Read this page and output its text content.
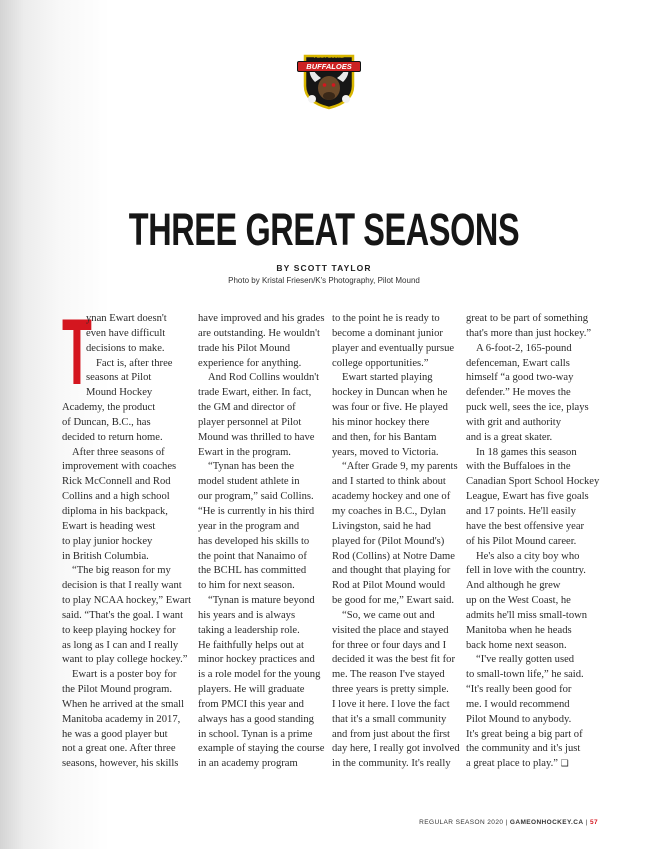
PILOT MOUND
BUFFALOES
THREE GREAT SEASONS
BY SCOTT TAYLOR
Photo by Kristal Friesen/K's Photography, Pilot Mound
T

ynan Ewart doesn't

even have difficult

decisions to make.

Fact is, after three

seasons at Pilot

Mound Hockey

Academy, the product

of Duncan, B.C., has

decided to return home.

After three seasons of

improvement with coaches

Rick McConnell and Rod

Collins and a high school

diploma in his backpack,

Ewart is heading west

to play junior hockey

in British Columbia.

“The big reason for my

decision is that I really want

to play NCAA hockey,” Ewart

said. “That's the goal. I want

to keep playing hockey for

as long as I can and I really

want to play college hockey.”

Ewart is a poster boy for

the Pilot Mound program.

When he arrived at the small

Manitoba academy in 2017,

he was a good player but

not a great one. After three

seasons, however, his skills

have improved and his grades

are outstanding. He wouldn't

trade his Pilot Mound

experience for anything.

And Rod Collins wouldn't

trade Ewart, either. In fact,

the GM and director of

player personnel at Pilot

Mound was thrilled to have

Ewart in the program.

“Tynan has been the

model student athlete in

our program,” said Collins.

“He is currently in his third

year in the program and

has developed his skills to

the point that Nanaimo of

the BCHL has committed

to him for next season.

“Tynan is mature beyond

his years and is always

taking a leadership role.

He faithfully helps out at

minor hockey practices and

is a role model for the young

players. He will graduate

from PMCI this year and

always has a good standing

in school. Tynan is a prime

example of staying the course

in an academy program

to the point he is ready to

become a dominant junior

player and eventually pursue

college opportunities.”

Ewart started playing

hockey in Duncan when he

was four or five. He played

his minor hockey there

and then, for his Bantam

years, moved to Victoria.

“After Grade 9, my parents

and I started to think about

academy hockey and one of

my coaches in B.C., Dylan

Livingston, said he had

played for (Pilot Mound's)

Rod (Collins) at Notre Dame

and thought that playing for

Rod at Pilot Mound would

be good for me,” Ewart said.

“So, we came out and

visited the place and stayed

for three or four days and I

decided it was the best fit for

me. The reason I've stayed

three years is pretty simple.

I love it here. I love the fact

that it's a small community

and from just about the first

day here, I really got involved

in the community. It's really

great to be part of something

that's more than just hockey.”

A 6-foot-2, 165-pound

defenceman, Ewart calls

himself “a good two-way

defender.” He moves the

puck well, sees the ice, plays

with grit and authority

and is a great skater.

In 18 games this season

with the Buffaloes in the

Canadian Sport School Hockey

League, Ewart has five goals

and 17 points. He'll easily

have the best offensive year

of his Pilot Mound career.

He's also a city boy who

fell in love with the country.

And although he grew

up on the West Coast, he

admits he'll miss small-town

Manitoba when he heads

back home next season.

“I've really gotten used

to small-town life,” he said.

“It's really been good for

me. I would recommend

Pilot Mound to anybody.

It's great being a big part of

the community and it's just

a great place to play.” ❑

REGULAR SEASON 2020 | GAMEONHOCKEY.CA | 57
